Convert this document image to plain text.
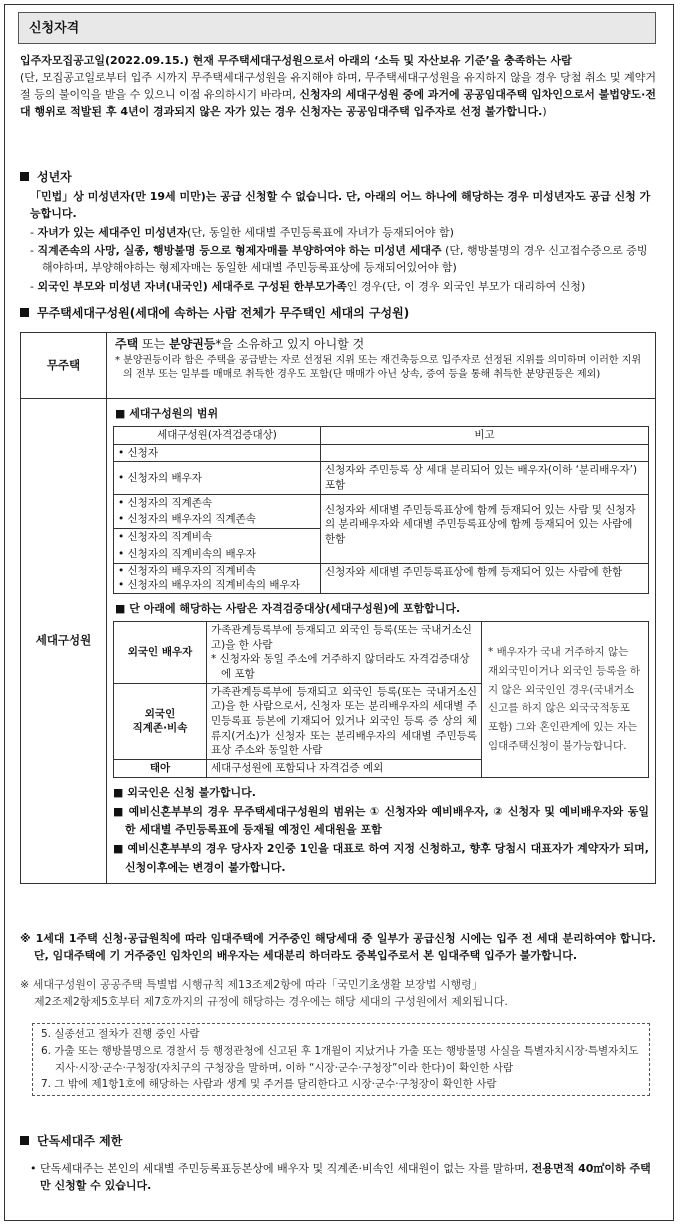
신청자격
입주자모집공고일(2022.09.15.) 현재 무주택세대구성원으로서 아래의 ‘소득 및 자산보유 기준’을 충족하는 사람
(단, 모집공고일로부터 입주 시까지 무주택세대구성원을 유지해야 하며, 무주택세대구성원을 유지하지 않을 경우 당첨 취소 및 계약거절 등의 불이익을 받을 수 있으니 이점 유의하시기 바라며, 신청자의 세대구성원 중에 과거에 공공임대주택 임차인으로서 불법양도·전대 행위로 적발된 후 4년이 경과되지 않은 자가 있는 경우 신청자는 공공임대주택 입주자로 선정 불가합니다.)
성년자
「민법」상 미성년자(만 19세 미만)는 공급 신청할 수 없습니다. 단, 아래의 어느 하나에 해당하는 경우 미성년자도 공급 신청 가능합니다.
- 자녀가 있는 세대주인 미성년자(단, 동일한 세대별 주민등록표에 자녀가 등재되어야 함)
- 직계존속의 사망, 실종, 행방불명 등으로 형제자매를 부양하여야 하는 미성년 세대주 (단, 행방불명의 경우 신고접수증으로 증빙해야하며, 부양해야하는 형제자매는 동일한 세대별 주민등록표상에 등재되어있어야 함)
- 외국인 부모와 미성년 자녀(내국인) 세대주로 구성된 한부모가족인 경우(단, 이 경우 외국인 부모가 대리하여 신청)
무주택세대구성원(세대에 속하는 사람 전체가 무주택인 세대의 구성원)
무주택	
주택 또는 분양권등*을 소유하고 있지 아니할 것
* 분양권등이라 함은 주택을 공급받는 자로 선정된 지위 또는 재건축등으로 입주자로 선정된 지위를 의미하며 이러한 지위의 전부 또는 일부를 매매로 취득한 경우도 포함(단 매매가 아닌 상속, 증여 등을 통해 취득한 분양권등은 제외)

세대구성원	
■ 세대구성원의 범위
세대구성원(자격검증대상)	비고
• 신청자	
• 신청자의 배우자	신청자와 주민등록 상 세대 분리되어 있는 배우자(이하 ‘분리배우자’) 포함

• 신청자의 직계존속
• 신청자의 배우자의 직계존속
• 신청자의 직계비속
• 신청자의 직계비속의 배우자
	신청자와 세대별 주민등록표상에 함께 등재되어 있는 사람 및 신청자의 분리배우자와 세대별 주민등록표상에 함께 등재되어 있는 사람에 한함

• 신청자의 배우자의 직계비속
• 신청자의 배우자의 직계비속의 배우자
	신청자와 세대별 주민등록표상에 함께 등재되어 있는 사람에 한함
■ 단 아래에 해당하는 사람은 자격검증대상(세대구성원)에 포함합니다.
외국인 배우자	
가족관계등록부에 등재되고 외국인 등록(또는 국내거소신고)을 한 사람
* 신청자와 동일 주소에 거주하지 않더라도 자격검증대상에 포함
	* 배우자가 국내 거주하지 않는 재외국민이거나 외국인 등록을 하지 않은 외국인인 경우(국내거소신고를 하지 않은 외국국적동포 포함) 그와 혼인관계에 있는 자는 임대주택신청이 불가능합니다.

외국인
직계존·비속
	가족관계등록부에 등재되고 외국인 등록(또는 국내거소신고)을 한 사람으로서, 신청자 또는 분리배우자의 세대별 주민등록표 등본에 기재되어 있거나 외국인 등록 증 상의 체류지(거소)가 신청자 또는 분리배우자의 세대별 주민등록표상 주소와 동일한 사람
태아	세대구성원에 포함되나 자격검증 예외
■ 외국인은 신청 불가합니다.
■ 예비신혼부부의 경우 무주택세대구성원의 범위는 ① 신청자와 예비배우자, ② 신청자 및 예비배우자와 동일한 세대별 주민등록표에 등재될 예정인 세대원을 포함
■ 예비신혼부부의 경우 당사자 2인중 1인을 대표로 하여 지정 신청하고, 향후 당첨시 대표자가 계약자가 되며, 신청이후에는 변경이 불가합니다.
※ 1세대 1주택 신청·공급원칙에 따라 임대주택에 거주중인 해당세대 중 일부가 공급신청 시에는 입주 전 세대 분리하여야 합니다. 단, 임대주택에 기 거주중인 임차인의 배우자는 세대분리 하더라도 중복입주로서 본 임대주택 입주가 불가합니다.
※ 세대구성원이 공공주택 특별법 시행규칙 제13조제2항에 따라「국민기초생활 보장법 시행령」
제2조제2항제5호부터 제7호까지의 규정에 해당하는 경우에는 해당 세대의 구성원에서 제외됩니다.
5. 실종선고 절차가 진행 중인 사람
6. 가출 또는 행방불명으로 경찰서 등 행정관청에 신고된 후 1개월이 지났거나 가출 또는 행방불명 사실을 특별자치시장·특별자치도지사·시장·군수·구청장(자치구의 구청장을 말하며, 이하 “시장·군수·구청장”이라 한다)이 확인한 사람
7. 그 밖에 제1항1호에 해당하는 사람과 생계 및 주거를 달리한다고 시장·군수·구청장이 확인한 사람
단독세대주 제한
• 단독세대주는 본인의 세대별 주민등록표등본상에 배우자 및 직계존·비속인 세대원이 없는 자를 말하며, 전용면적 40㎡이하 주택만 신청할 수 있습니다.
